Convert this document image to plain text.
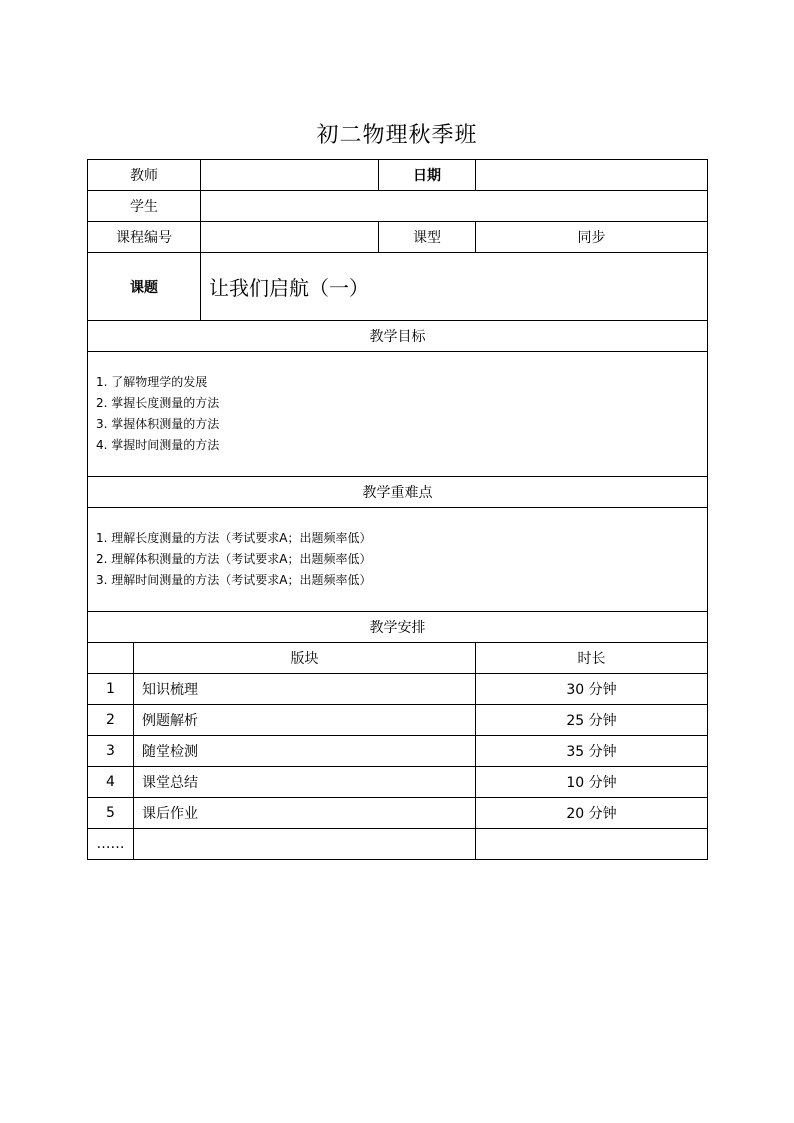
初二物理秋季班
教师			日期	
学生				
课程编号			课型	同步
课题		让我们启航（一）		
教学目标				

1. 了解物理学的发展
2. 掌握长度测量的方法
3. 掌握体积测量的方法
4. 掌握时间测量的方法				

教学重难点				

1. 理解长度测量的方法（考试要求A；出题频率低）
2. 理解体积测量的方法（考试要求A；出题频率低）
3. 理解时间测量的方法（考试要求A；出题频率低）				

教学安排				
	版块			时长
1	知识梳理			30 分钟
2	例题解析			25 分钟
3	随堂检测			35 分钟
4	课堂总结			10 分钟
5	课后作业			20 分钟
……				
